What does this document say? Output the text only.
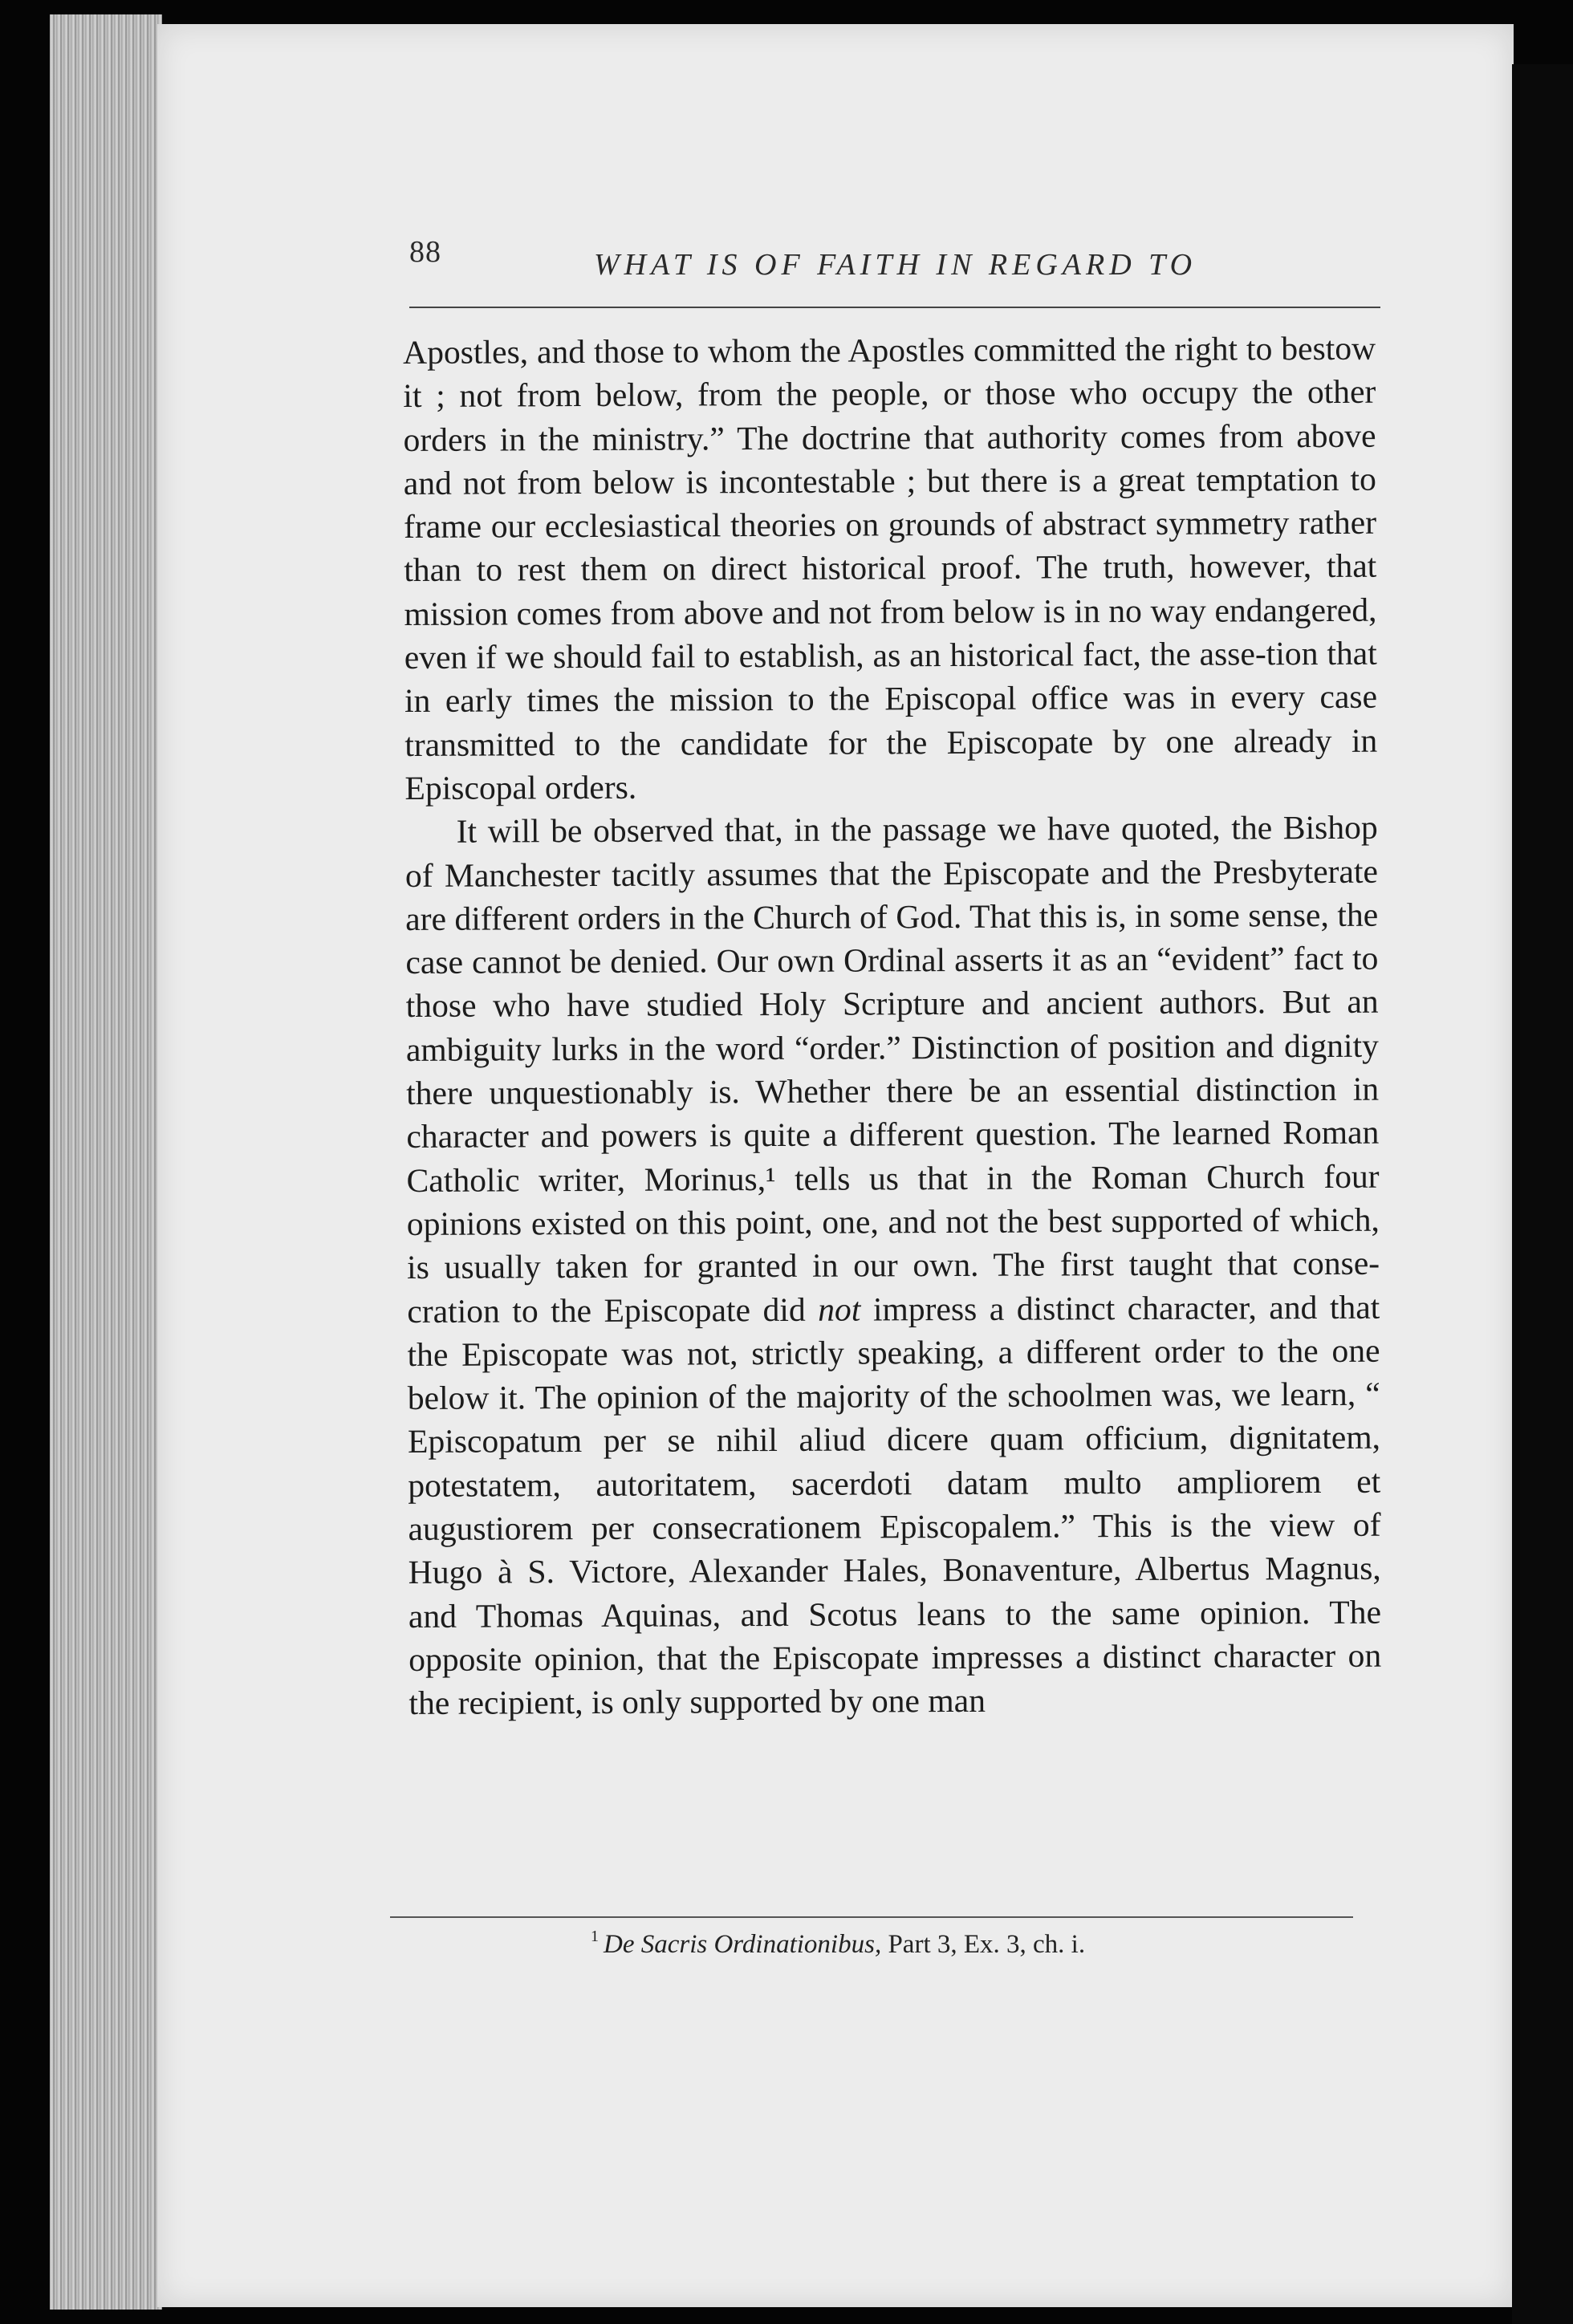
88	WHAT IS OF FAITH IN REGARD TO

Apostles, and those to whom the Apostles committed the right to bestow it ; not from below, from the people, or those who occupy the other orders in the ministry.” The doctrine that authority comes from above and not from below is incontestable ; but there is a great temptation to frame our ecclesiastical theories on grounds of abstract symmetry rather than to rest them on direct historical proof. The truth, however, that mission comes from above and not from below is in no way endangered, even if we should fail to establish, as an historical fact, the asse-tion that in early times the mission to the Episcopal office was in every case transmitted to the candidate for the Episcopate by one already in Episcopal orders.

It will be observed that, in the passage we have quoted, the Bishop of Manchester tacitly assumes that the Episcopate and the Presbyterate are different orders in the Church of God. That this is, in some sense, the case cannot be denied. Our own Ordinal asserts it as an “evident” fact to those who have studied Holy Scripture and ancient authors. But an ambiguity lurks in the word “order.” Distinction of position and dignity there unquestionably is. Whether there be an essential distinction in character and powers is quite a different question. The learned Roman Catholic writer, Morinus,¹ tells us that in the Roman Church four opinions existed on this point, one, and not the best supported of which, is usually taken for granted in our own. The first taught that consecration to the Episcopate did not impress a distinct character, and that the Episcopate was not, strictly speaking, a different order to the one below it. The opinion of the majority of the schoolmen was, we learn, “ Episcopatum per se nihil aliud dicere quam officium, dignitatem, potestatem, autoritatem, sacerdoti datam multo ampliorem et augustiorem per consecrationem Episcopalem.” This is the view of Hugo à S. Victore, Alexander Hales, Bonaventure, Albertus Magnus, and Thomas Aquinas, and Scotus leans to the same opinion. The opposite opinion, that the Episcopate impresses a distinct character on the recipient, is only supported by one man

$^1$ De Sacris Ordinationibus, Part 3, Ex. 3, ch. i.
